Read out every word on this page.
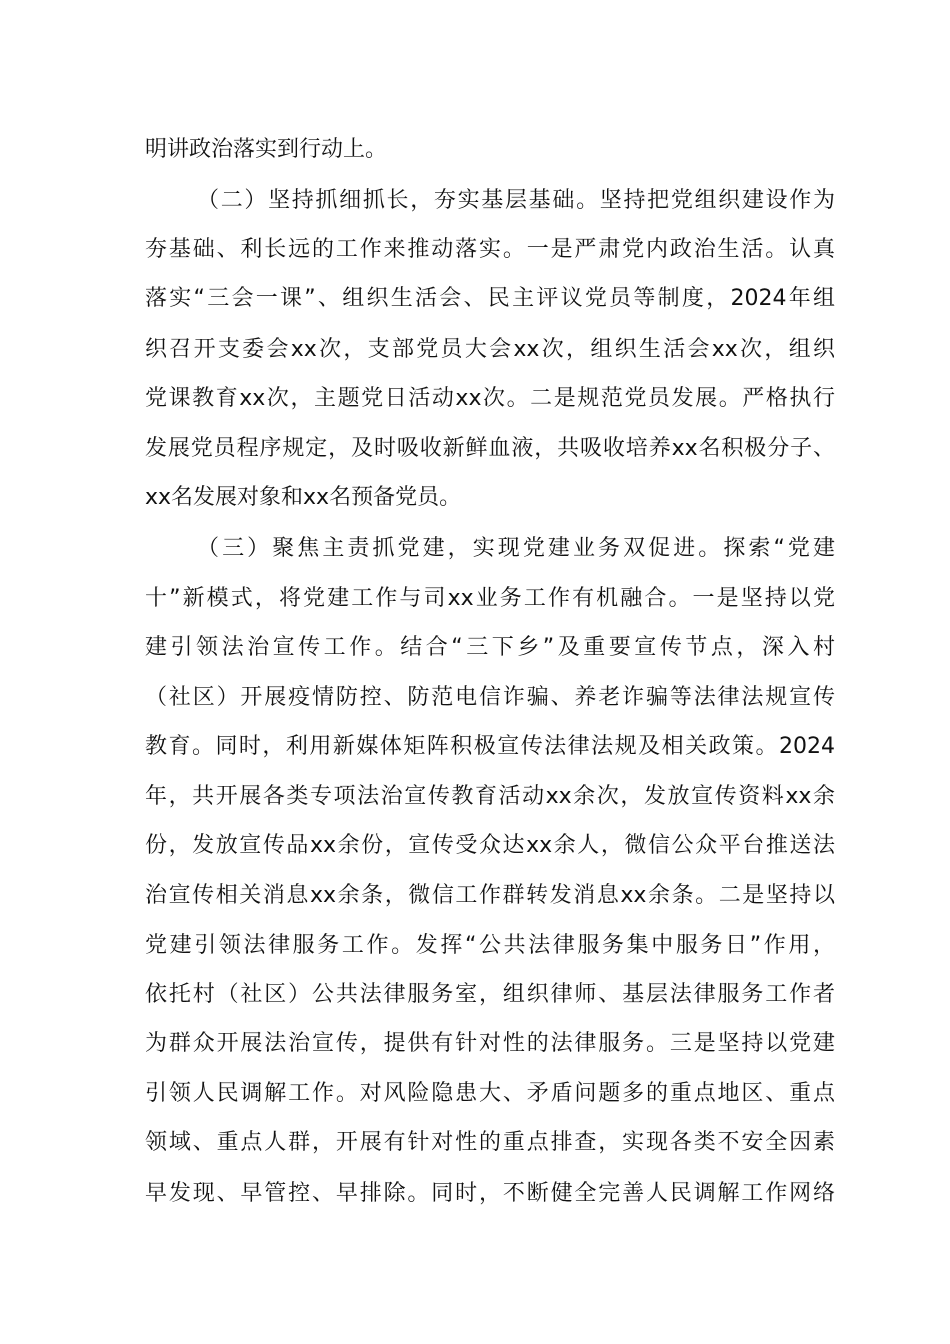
明讲政治落实到行动上。
（二）坚持抓细抓长，夯实基层基础。坚持把党组织建设作为
夯基础、利长远的工作来推动落实。一是严肃党内政治生活。认真
落实“三会一课”、组织生活会、民主评议党员等制度，2024年组
织召开支委会xx次，支部党员大会xx次，组织生活会xx次，组织
党课教育xx次，主题党日活动xx次。二是规范党员发展。严格执行
发展党员程序规定，及时吸收新鲜血液，共吸收培养xx名积极分子、
xx名发展对象和xx名预备党员。
（三）聚焦主责抓党建，实现党建业务双促进。探索“党建
十”新模式，将党建工作与司xx业务工作有机融合。一是坚持以党
建引领法治宣传工作。结合“三下乡”及重要宣传节点，深入村
（社区）开展疫情防控、防范电信诈骗、养老诈骗等法律法规宣传
教育。同时，利用新媒体矩阵积极宣传法律法规及相关政策。2024
年，共开展各类专项法治宣传教育活动xx余次，发放宣传资料xx余
份，发放宣传品xx余份，宣传受众达xx余人，微信公众平台推送法
治宣传相关消息xx余条，微信工作群转发消息xx余条。二是坚持以
党建引领法律服务工作。发挥“公共法律服务集中服务日”作用，
依托村（社区）公共法律服务室，组织律师、基层法律服务工作者
为群众开展法治宣传，提供有针对性的法律服务。三是坚持以党建
引领人民调解工作。对风险隐患大、矛盾问题多的重点地区、重点
领域、重点人群，开展有针对性的重点排查，实现各类不安全因素
早发现、早管控、早排除。同时，不断健全完善人民调解工作网络
